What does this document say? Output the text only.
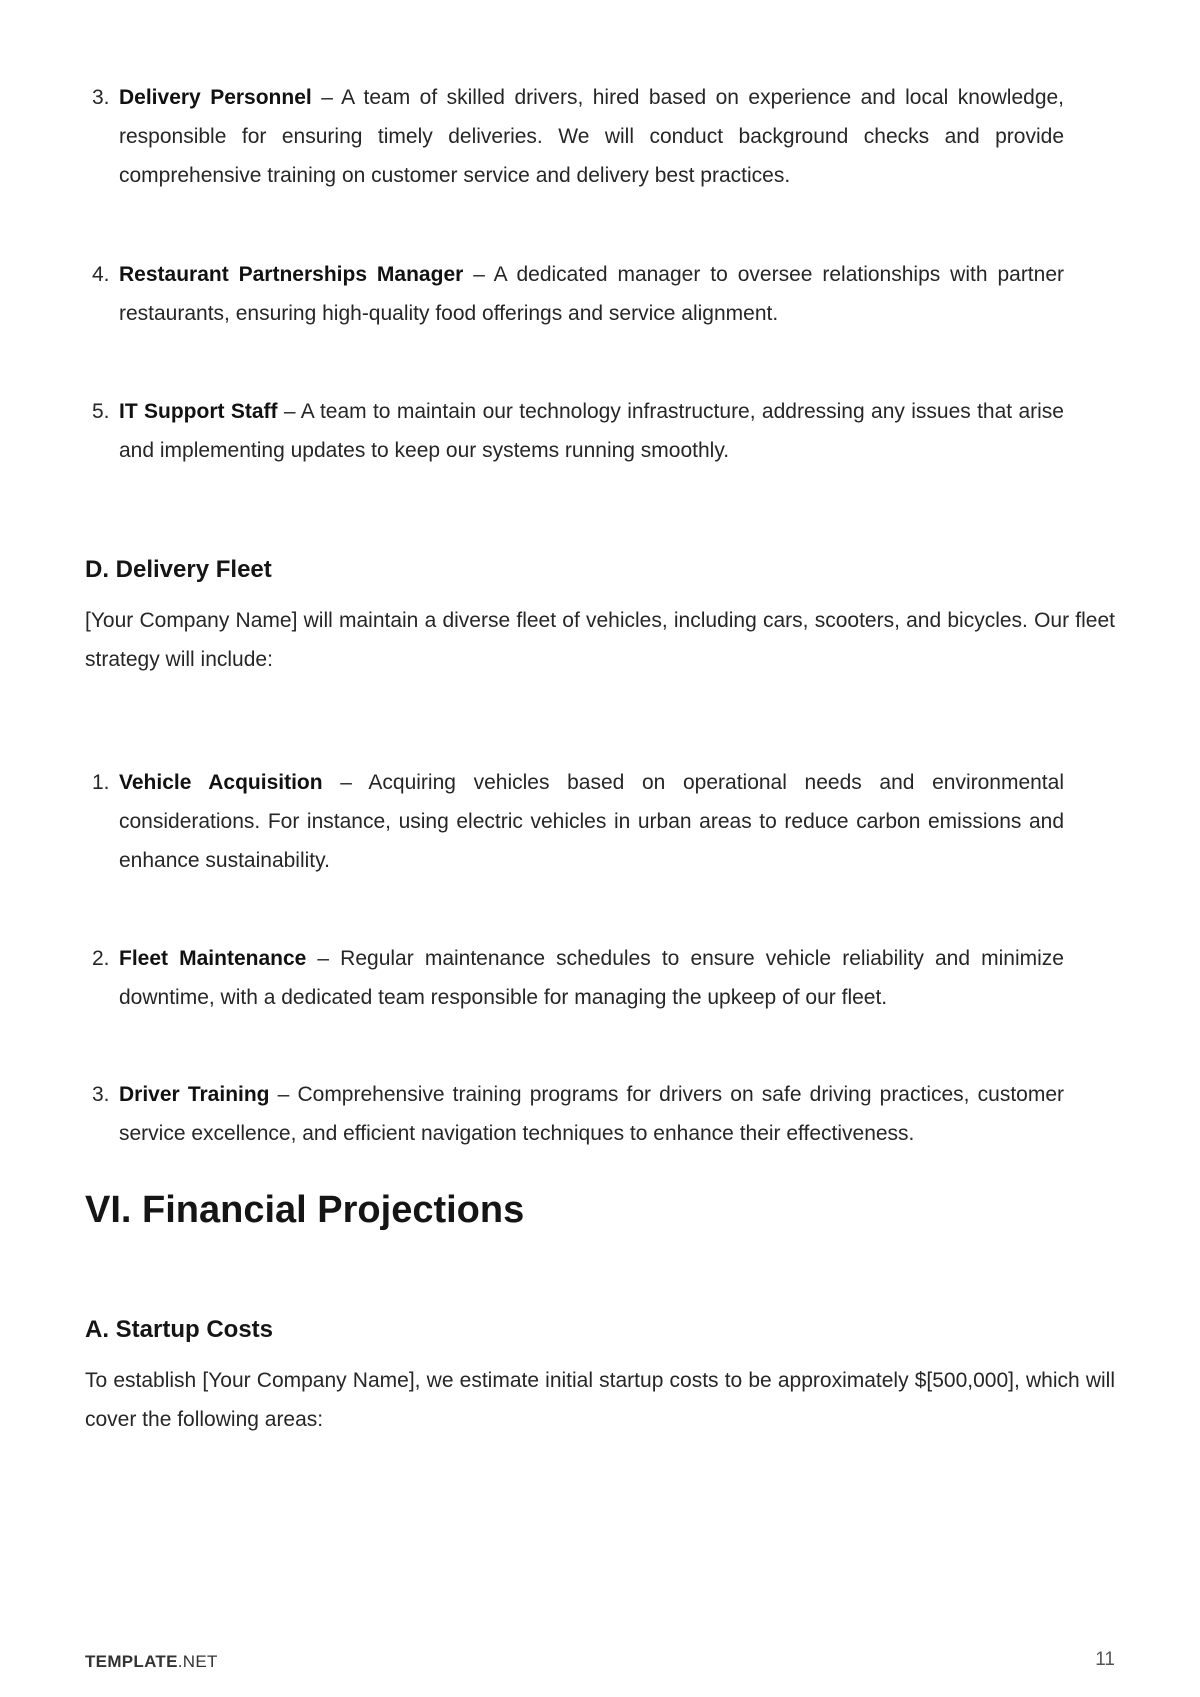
3. Delivery Personnel – A team of skilled drivers, hired based on experience and local knowledge, responsible for ensuring timely deliveries. We will conduct background checks and provide comprehensive training on customer service and delivery best practices.
4. Restaurant Partnerships Manager – A dedicated manager to oversee relationships with partner restaurants, ensuring high-quality food offerings and service alignment.
5. IT Support Staff – A team to maintain our technology infrastructure, addressing any issues that arise and implementing updates to keep our systems running smoothly.
D. Delivery Fleet

[Your Company Name] will maintain a diverse fleet of vehicles, including cars, scooters, and bicycles. Our fleet strategy will include:

1. Vehicle Acquisition – Acquiring vehicles based on operational needs and environmental considerations. For instance, using electric vehicles in urban areas to reduce carbon emissions and enhance sustainability.
2. Fleet Maintenance – Regular maintenance schedules to ensure vehicle reliability and minimize downtime, with a dedicated team responsible for managing the upkeep of our fleet.
3. Driver Training – Comprehensive training programs for drivers on safe driving practices, customer service excellence, and efficient navigation techniques to enhance their effectiveness.
VI. Financial Projections
A. Startup Costs

To establish [Your Company Name], we estimate initial startup costs to be approximately $[500,000], which will cover the following areas:

TEMPLATE.NET	11
